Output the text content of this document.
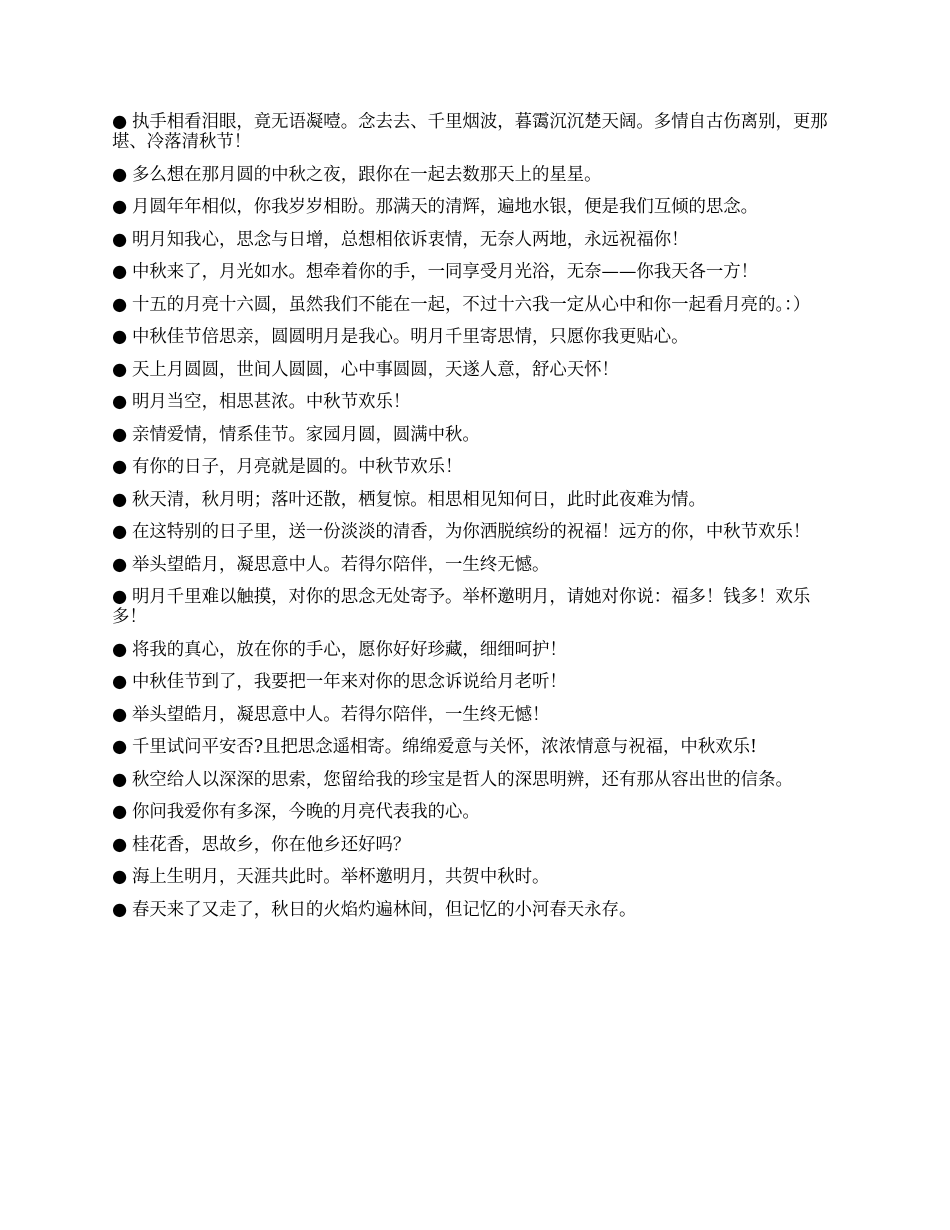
● 执手相看泪眼，竟无语凝噎。念去去、千里烟波，暮霭沉沉楚天阔。多情自古伤离别，更那堪、冷落清秋节！

● 多么想在那月圆的中秋之夜，跟你在一起去数那天上的星星。

● 月圆年年相似，你我岁岁相盼。那满天的清辉，遍地水银，便是我们互倾的思念。

● 明月知我心，思念与日增，总想相依诉衷情，无奈人两地，永远祝福你！

● 中秋来了，月光如水。想牵着你的手，一同享受月光浴，无奈——你我天各一方！

● 十五的月亮十六圆，虽然我们不能在一起，不过十六我一定从心中和你一起看月亮的。：）

● 中秋佳节倍思亲，圆圆明月是我心。明月千里寄思情，只愿你我更贴心。

● 天上月圆圆，世间人圆圆，心中事圆圆，天遂人意，舒心天怀！

● 明月当空，相思甚浓。中秋节欢乐！

● 亲情爱情，情系佳节。家园月圆，圆满中秋。

● 有你的日子，月亮就是圆的。中秋节欢乐！

● 秋天清，秋月明；落叶还散，栖复惊。相思相见知何日，此时此夜难为情。

● 在这特别的日子里，送一份淡淡的清香，为你洒脱缤纷的祝福！远方的你，中秋节欢乐！

● 举头望皓月，凝思意中人。若得尔陪伴，一生终无憾。

● 明月千里难以触摸，对你的思念无处寄予。举杯邀明月，请她对你说：福多！钱多！欢乐多！

● 将我的真心，放在你的手心，愿你好好珍藏，细细呵护！

● 中秋佳节到了，我要把一年来对你的思念诉说给月老听！

● 举头望皓月，凝思意中人。若得尔陪伴，一生终无憾！

● 千里试问平安否?且把思念遥相寄。绵绵爱意与关怀，浓浓情意与祝福，中秋欢乐!

● 秋空给人以深深的思索，您留给我的珍宝是哲人的深思明辨，还有那从容出世的信条。

● 你问我爱你有多深，今晚的月亮代表我的心。

● 桂花香，思故乡，你在他乡还好吗？

● 海上生明月，天涯共此时。举杯邀明月，共贺中秋时。

● 春天来了又走了，秋日的火焰灼遍林间，但记忆的小河春天永存。
